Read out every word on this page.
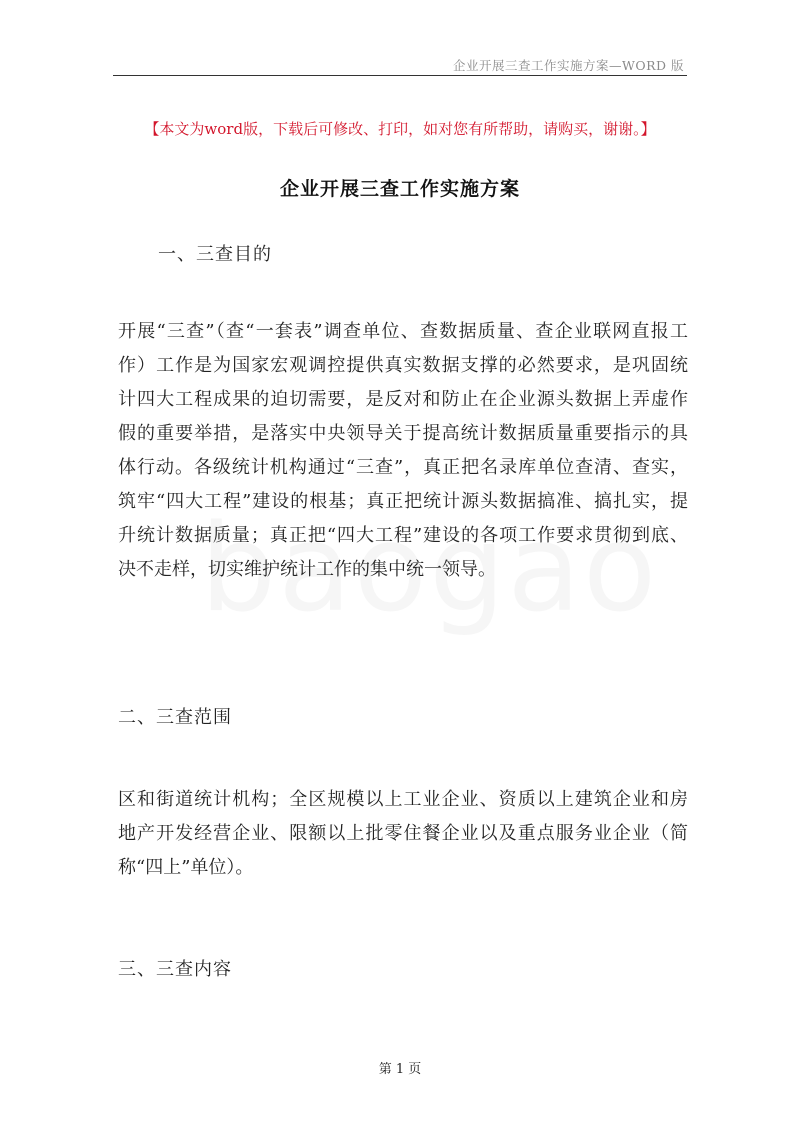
企业开展三查工作实施方案—WORD 版
【本文为word版，下载后可修改、打印，如对您有所帮助，请购买，谢谢。】
企业开展三查工作实施方案
一、三查目的
开展“三查”（查“一套表”调查单位、查数据质量、查企业联网直报工
作）工作是为国家宏观调控提供真实数据支撑的必然要求，是巩固统
计四大工程成果的迫切需要，是反对和防止在企业源头数据上弄虚作
假的重要举措，是落实中央领导关于提高统计数据质量重要指示的具
体行动。各级统计机构通过“三查”，真正把名录库单位查清、查实，
筑牢“四大工程”建设的根基；真正把统计源头数据搞准、搞扎实，提
升统计数据质量；真正把“四大工程”建设的各项工作要求贯彻到底、
决不走样，切实维护统计工作的集中统一领导。
二、三查范围
区和街道统计机构；全区规模以上工业企业、资质以上建筑企业和房
地产开发经营企业、限额以上批零住餐企业以及重点服务业企业（简
称“四上”单位）。
三、三查内容
第 1 页
